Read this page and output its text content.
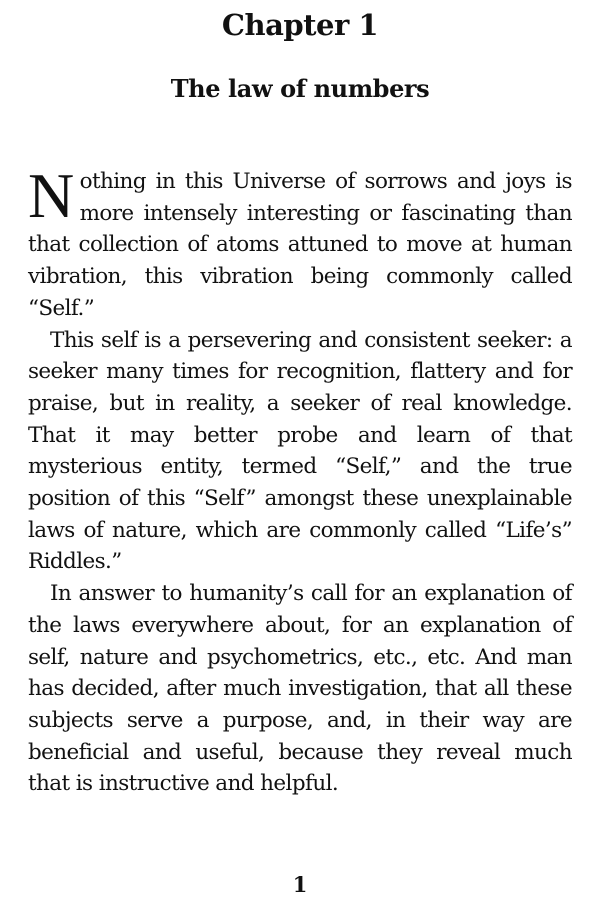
Chapter 1
The law of numbers

Nothing in this Universe of sorrows and joys is more intensely interesting or fascinating than that collection of atoms attuned to move at human vibration, this vibration being commonly called “Self.”

This self is a persevering and consistent seeker: a seeker many times for recognition, flattery and for praise, but in reality, a seeker of real knowledge. That it may better probe and learn of that mysterious entity, termed “Self,” and the true position of this “Self” amongst these unexplainable laws of nature, which are commonly called “Life’s” Riddles.”

In answer to humanity’s call for an explanation of the laws everywhere about, for an explanation of self, nature and psychometrics, etc., etc. And man has decided, after much investigation, that all these subjects serve a purpose, and, in their way are beneficial and useful, because they reveal much that is instructive and helpful.

1
